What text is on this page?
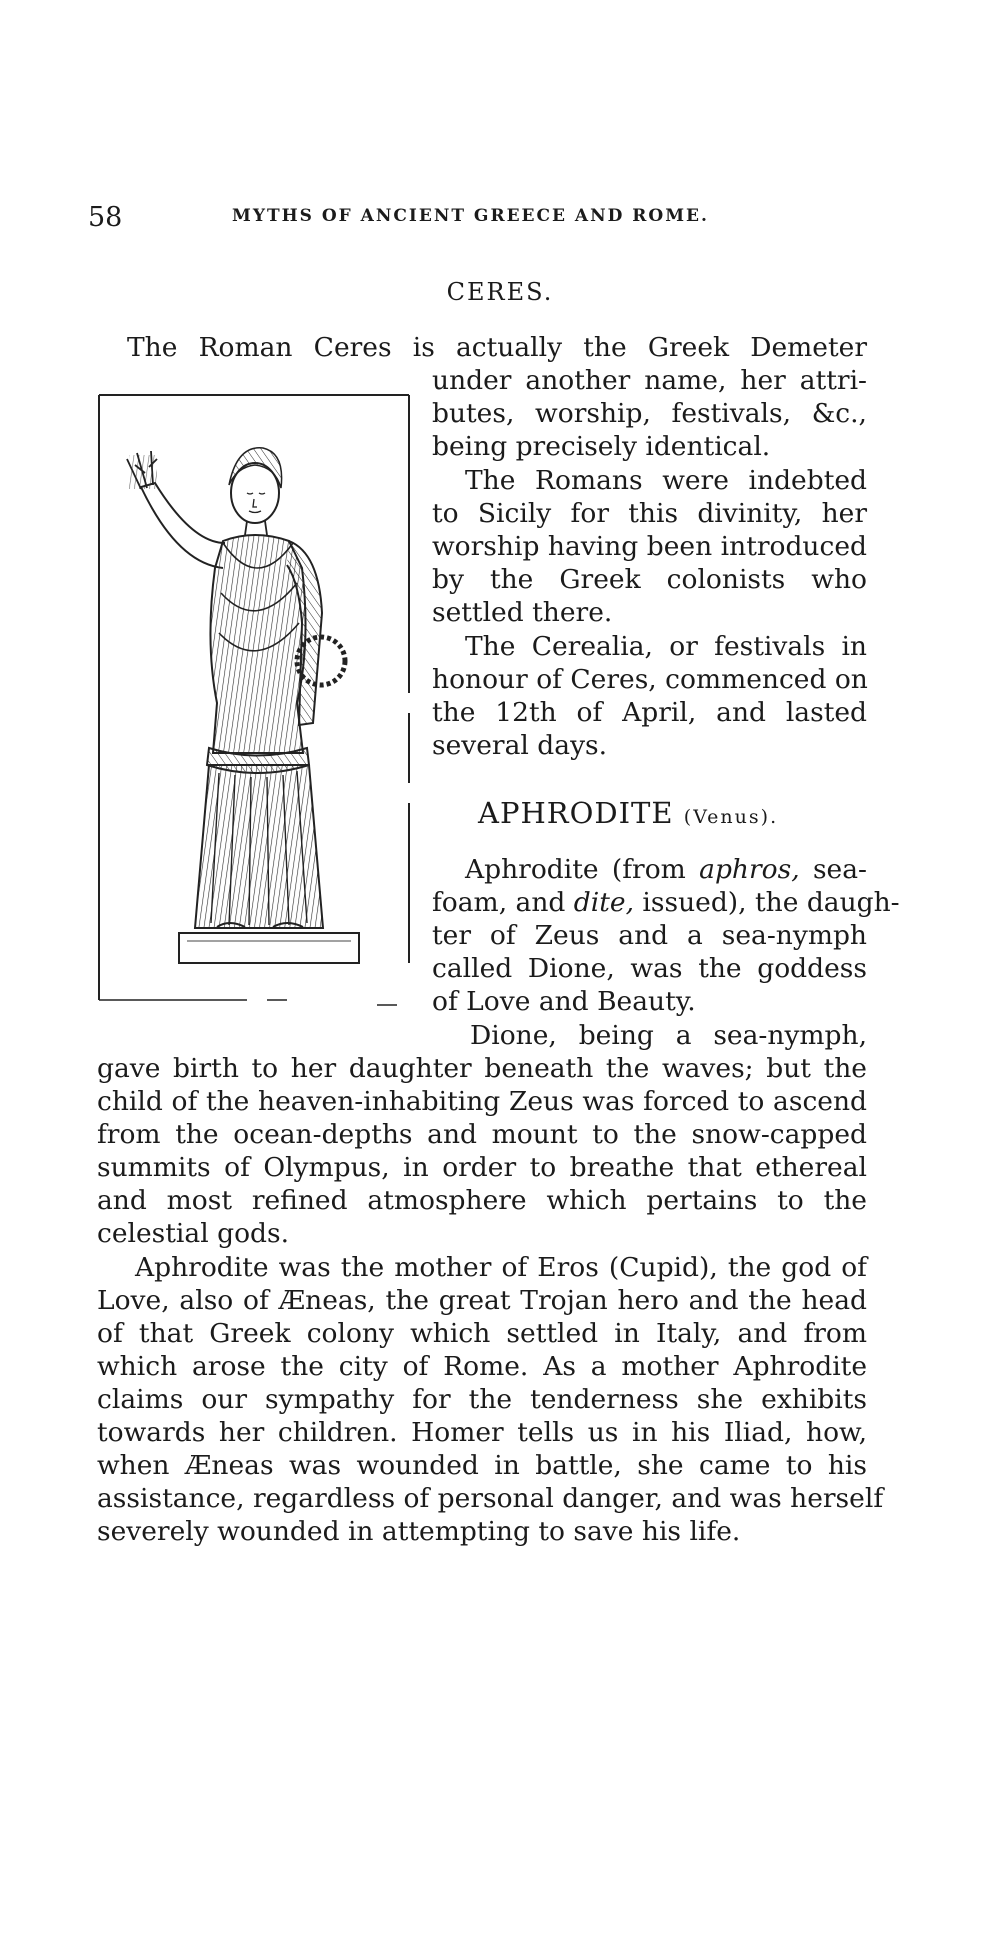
58	MYTHS OF ANCIENT GREECE AND ROME.
CERES.
The Roman Ceres is actually the Greek Demeter
under another name, her attri-
butes, worship, festivals, &c.,
being precisely identical.
The Romans were indebted
to Sicily for this divinity, her
worship having been introduced
by the Greek colonists who
settled there.
The Cerealia, or festivals in
honour of Ceres, commenced on
the 12th of April, and lasted
several days.
APHRODITE (Venus).
Aphrodite (from aphros, sea-
foam, and dite, issued), the daugh-
ter of Zeus and a sea-nymph
called Dione, was the goddess
of Love and Beauty.
Dione, being a sea-nymph,
gave birth to her daughter beneath the waves; but the
child of the heaven-inhabiting Zeus was forced to ascend
from the ocean-depths and mount to the snow-capped
summits of Olympus, in order to breathe that ethereal
and most refined atmosphere which pertains to the
celestial gods.
Aphrodite was the mother of Eros (Cupid), the god of
Love, also of Æneas, the great Trojan hero and the head
of that Greek colony which settled in Italy, and from
which arose the city of Rome. As a mother Aphrodite
claims our sympathy for the tenderness she exhibits
towards her children. Homer tells us in his Iliad, how,
when Æneas was wounded in battle, she came to his
assistance, regardless of personal danger, and was herself
severely wounded in attempting to save his life.
